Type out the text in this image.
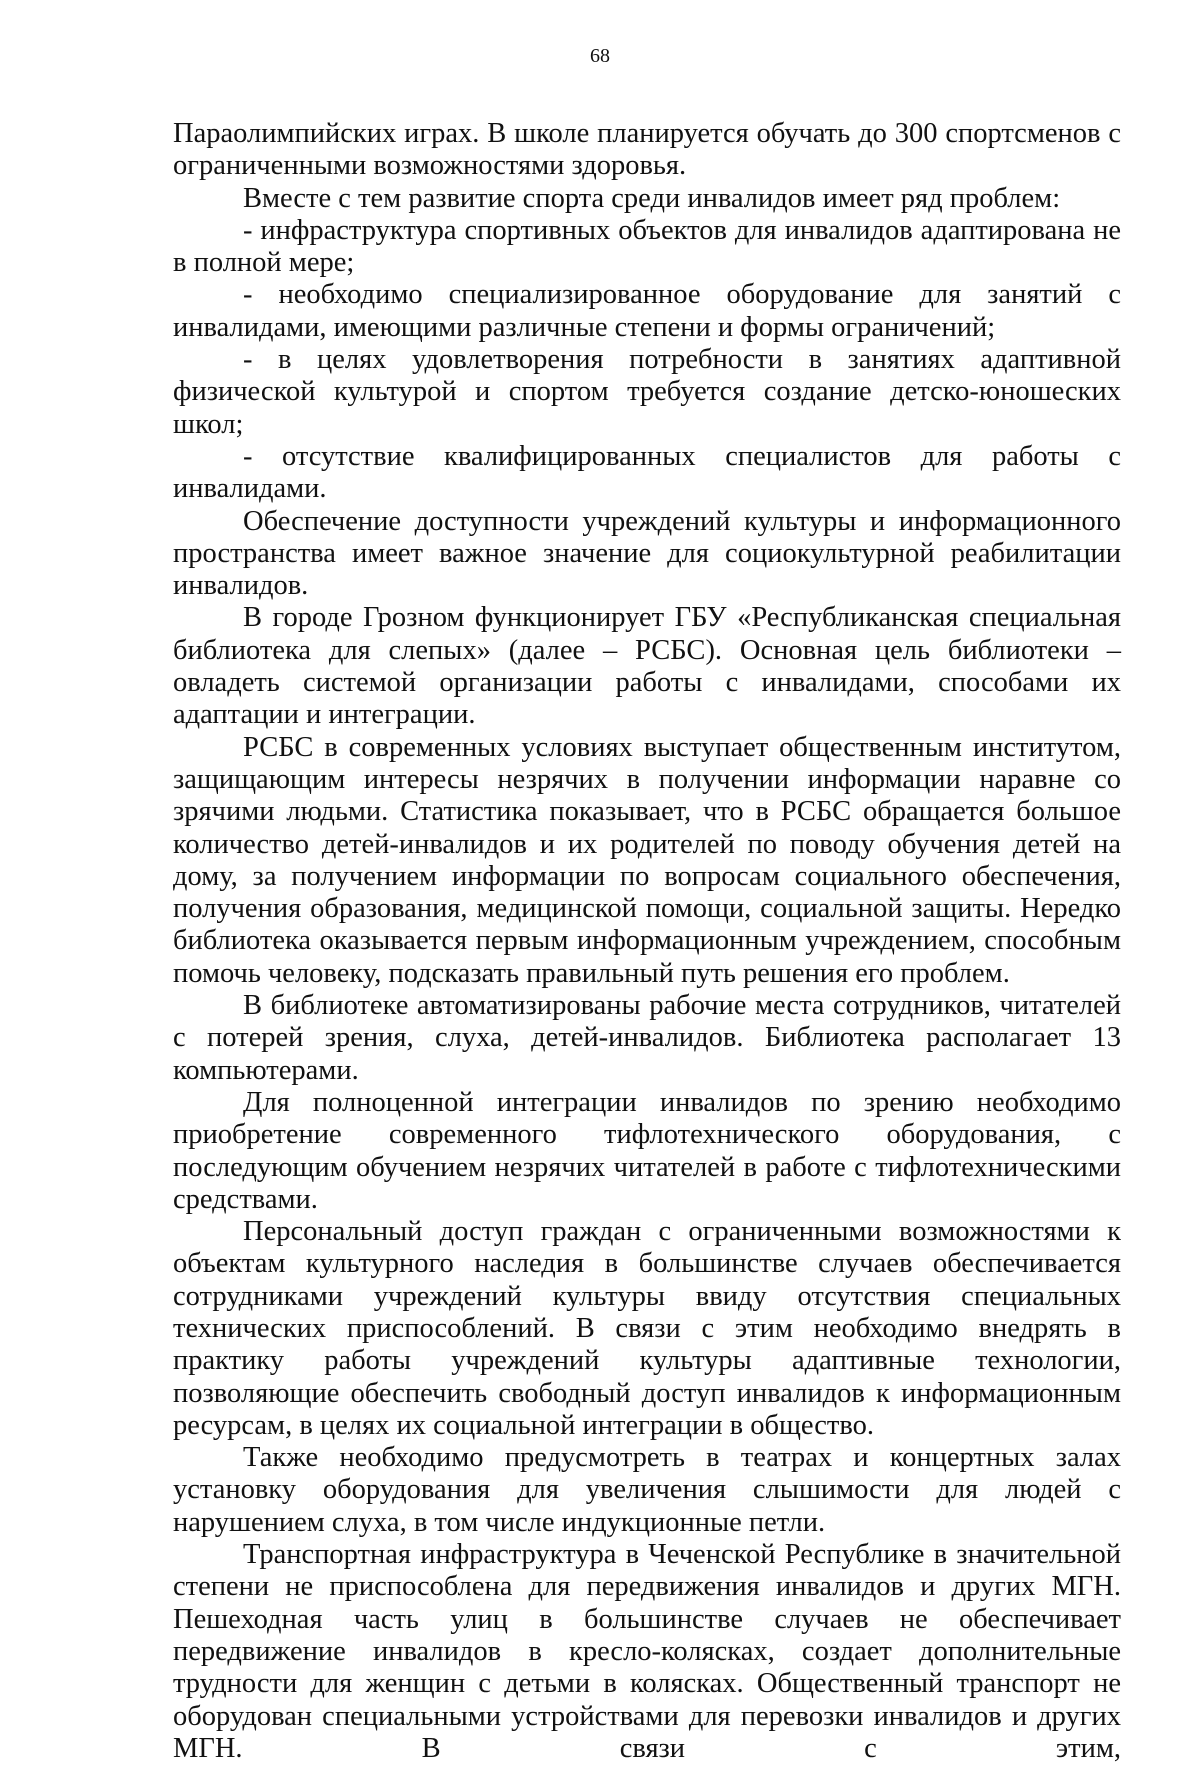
68

Параолимпийских играх. В школе планируется обучать до 300 спортсменов с ограниченными возможностями здоровья.

Вместе с тем развитие спорта среди инвалидов имеет ряд проблем:

- инфраструктура спортивных объектов для инвалидов адаптирована не в полной мере;

- необходимо специализированное оборудование для занятий с инвалидами, имеющими различные степени и формы ограничений;

- в целях удовлетворения потребности в занятиях адаптивной физической культурой и спортом требуется создание детско-юношеских школ;

- отсутствие квалифицированных специалистов для работы с инвалидами.

Обеспечение доступности учреждений культуры и информационного пространства имеет важное значение для социокультурной реабилитации инвалидов.

В городе Грозном функционирует ГБУ «Республиканская специальная библиотека для слепых» (далее – РСБС). Основная цель библиотеки – овладеть системой организации работы с инвалидами, способами их адаптации и интеграции.

РСБС в современных условиях выступает общественным институтом, защищающим интересы незрячих в получении информации наравне со зрячими людьми. Статистика показывает, что в РСБС обращается большое количество детей-инвалидов и их родителей по поводу обучения детей на дому, за получением информации по вопросам социального обеспечения, получения образования, медицинской помощи, социальной защиты. Нередко библиотека оказывается первым информационным учреждением, способным помочь человеку, подсказать правильный путь решения его проблем.

В библиотеке автоматизированы рабочие места сотрудников, читателей с потерей зрения, слуха, детей-инвалидов. Библиотека располагает 13 компьютерами.

Для полноценной интеграции инвалидов по зрению необходимо приобретение современного тифлотехнического оборудования, с последующим обучением незрячих читателей в работе с тифлотехническими средствами.

Персональный доступ граждан с ограниченными возможностями к объектам культурного наследия в большинстве случаев обеспечивается сотрудниками учреждений культуры ввиду отсутствия специальных технических приспособлений. В связи с этим необходимо внедрять в практику работы учреждений культуры адаптивные технологии, позволяющие обеспечить свободный доступ инвалидов к информационным ресурсам, в целях их социальной интеграции в общество.

Также необходимо предусмотреть в театрах и концертных залах установку оборудования для увеличения слышимости для людей с нарушением слуха, в том числе индукционные петли.

Транспортная инфраструктура в Чеченской Республике в значительной степени не приспособлена для передвижения инвалидов и других МГН. Пешеходная часть улиц в большинстве случаев не обеспечивает передвижение инвалидов в кресло-колясках, создает дополнительные трудности для женщин с детьми в колясках. Общественный транспорт не оборудован специальными устройствами для перевозки инвалидов и других МГН. В связи с этим,
